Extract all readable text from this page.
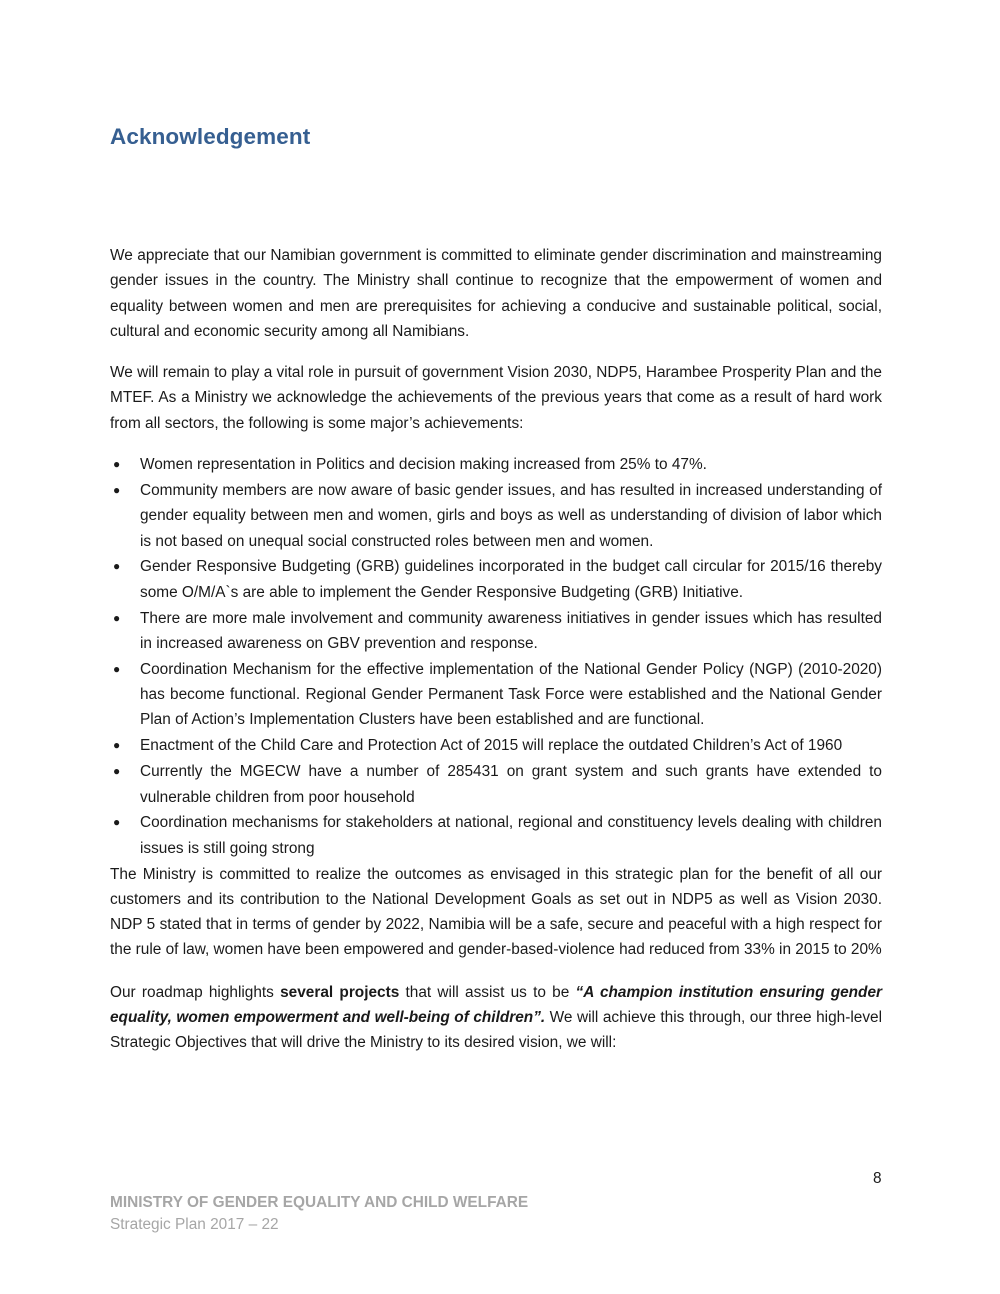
Acknowledgement

We appreciate that our Namibian government is committed to eliminate gender discrimination and mainstreaming gender issues in the country. The Ministry shall continue to recognize that the empowerment of women and equality between women and men are prerequisites for achieving a conducive and sustainable political, social, cultural and economic security among all Namibians.

We will remain to play a vital role in pursuit of government Vision 2030, NDP5, Harambee Prosperity Plan and the MTEF. As a Ministry we acknowledge the achievements of the previous years that come as a result of hard work from all sectors, the following is some major’s achievements:

● Women representation in Politics and decision making increased from 25% to 47%.
● Community members are now aware of basic gender issues, and has resulted in increased understanding of gender equality between men and women, girls and boys as well as understanding of division of labor which is not based on unequal social constructed roles between men and women.
● Gender Responsive Budgeting (GRB) guidelines incorporated in the budget call circular for 2015/16 thereby some O/M/A`s are able to implement the Gender Responsive Budgeting (GRB) Initiative.
● There are more male involvement and community awareness initiatives in gender issues which has resulted in increased awareness on GBV prevention and response.
● Coordination Mechanism for the effective implementation of the National Gender Policy (NGP) (2010-2020) has become functional. Regional Gender Permanent Task Force were established and the National Gender Plan of Action’s Implementation Clusters have been established and are functional.
● Enactment of the Child Care and Protection Act of 2015 will replace the outdated Children’s Act of 1960
● Currently the MGECW have a number of 285431 on grant system and such grants have extended to vulnerable children from poor household
● Coordination mechanisms for stakeholders at national, regional and constituency levels dealing with children issues is still going strong

The Ministry is committed to realize the outcomes as envisaged in this strategic plan for the benefit of all our customers and its contribution to the National Development Goals as set out in NDP5 as well as Vision 2030. NDP 5 stated that in terms of gender by 2022, Namibia will be a safe, secure and peaceful with a high respect for the rule of law, women have been empowered and gender-based-violence had reduced from 33% in 2015 to 20%

Our roadmap highlights several projects that will assist us to be “A champion institution ensuring gender equality, women empowerment and well-being of children”. We will achieve this through, our three high-level Strategic Objectives that will drive the Ministry to its desired vision, we will:

8
MINISTRY OF GENDER EQUALITY AND CHILD WELFARE
Strategic Plan 2017 – 22
